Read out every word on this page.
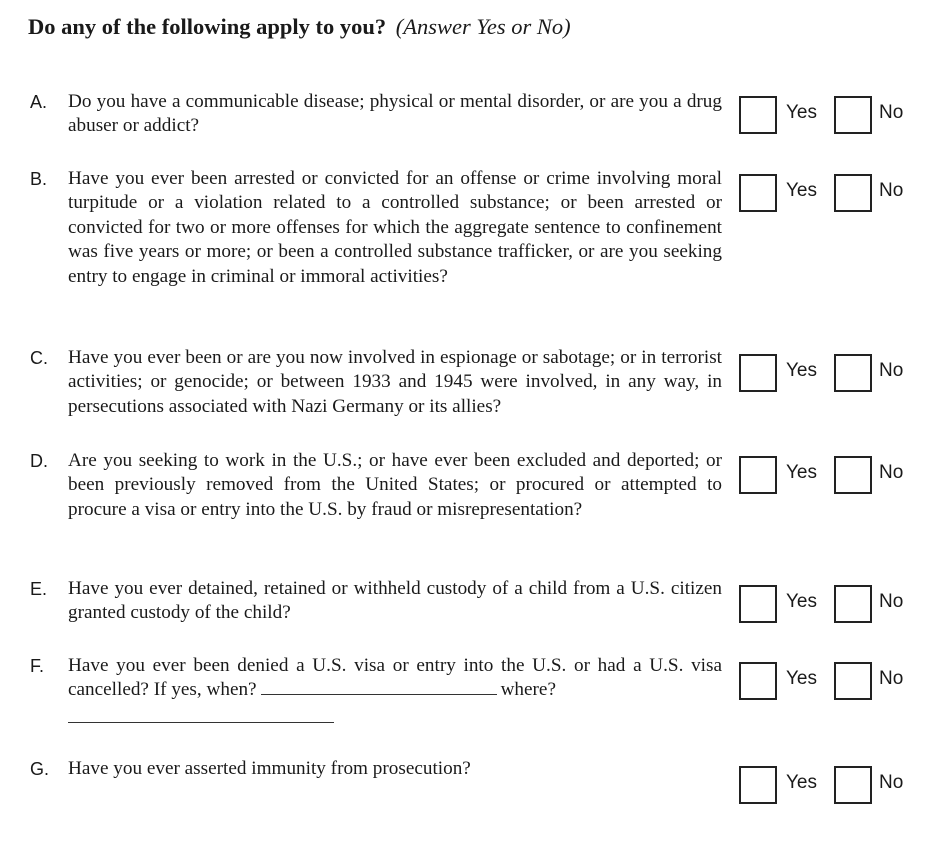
Do any of the following apply to you? (Answer Yes or No)
A. Do you have a communicable disease; physical or mental disorder, or are you a drug abuser or addict?
Yes	No
B. Have you ever been arrested or convicted for an offense or crime involving moral turpitude or a violation related to a controlled substance; or been arrested or convicted for two or more offenses for which the aggregate sentence to confinement was five years or more; or been a controlled substance trafficker, or are you seeking entry to engage in criminal or immoral activities?
Yes	No
C. Have you ever been or are you now involved in espionage or sabotage; or in terrorist activities; or genocide; or between 1933 and 1945 were involved, in any way, in persecutions associated with Nazi Germany or its allies?
Yes	No
D. Are you seeking to work in the U.S.; or have ever been excluded and deported; or been previously removed from the United States; or procured or attempted to procure a visa or entry into the U.S. by fraud or misrepresentation?
Yes	No
E. Have you ever detained, retained or withheld custody of a child from a U.S. citizen granted custody of the child?
Yes	No
F. Have you ever been denied a U.S. visa or entry into the U.S. or had a U.S. visa cancelled? If yes, when?	where?
Yes	No
G. Have you ever asserted immunity from prosecution?
Yes	No
